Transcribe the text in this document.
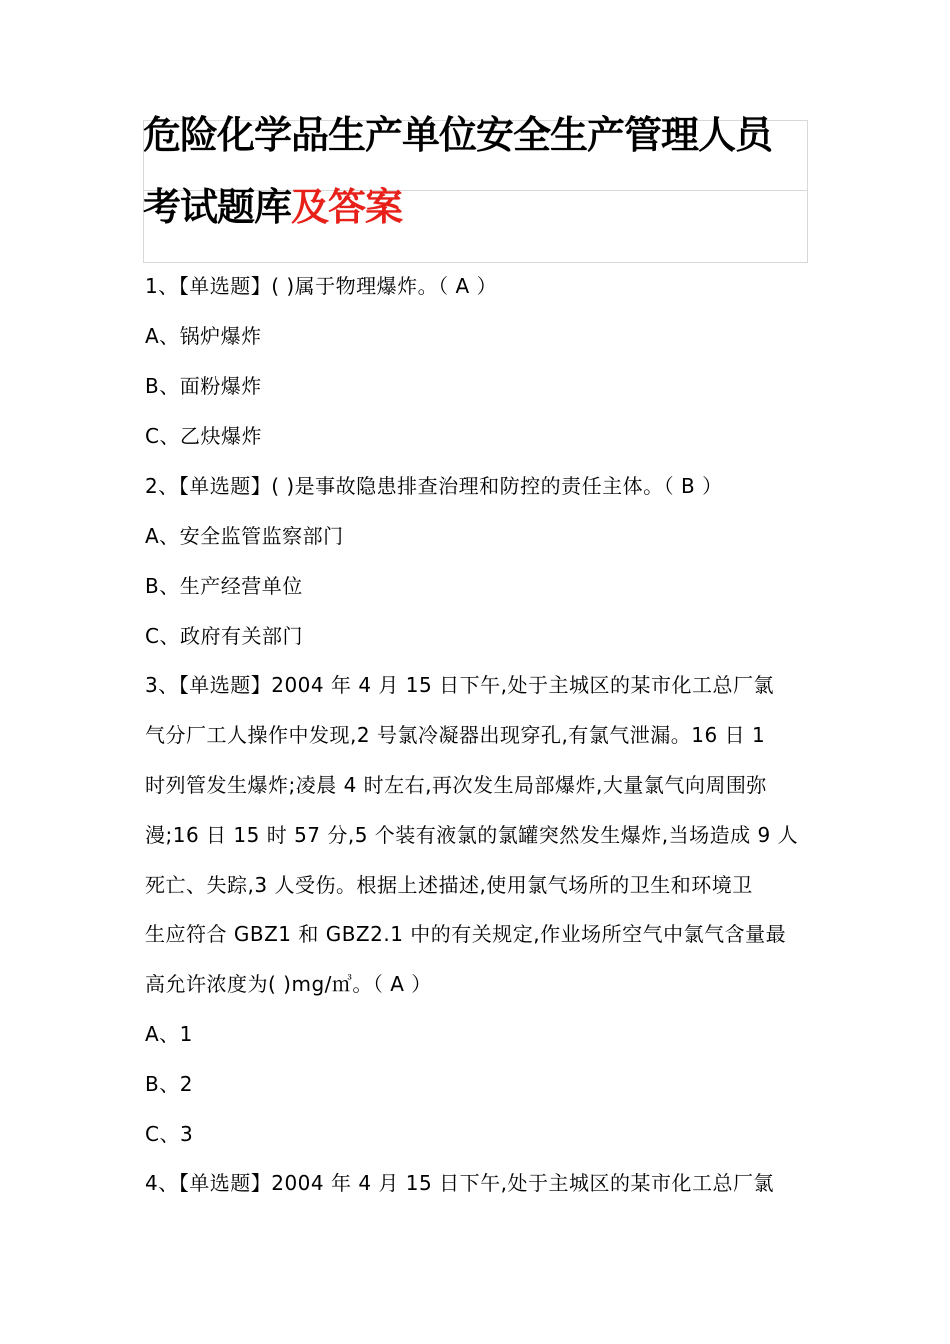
危险化学品生产单位安全生产管理人员
考试题库及答案

1、【单选题】( )属于物理爆炸。（ A ）

A、锅炉爆炸

B、面粉爆炸

C、乙炔爆炸

2、【单选题】( )是事故隐患排查治理和防控的责任主体。（ B ）

A、安全监管监察部门

B、生产经营单位

C、政府有关部门

3、【单选题】2004 年 4 月 15 日下午,处于主城区的某市化工总厂氯

气分厂工人操作中发现,2 号氯冷凝器出现穿孔,有氯气泄漏。16 日 1

时列管发生爆炸;凌晨 4 时左右,再次发生局部爆炸,大量氯气向周围弥

漫;16 日 15 时 57 分,5 个装有液氯的氯罐突然发生爆炸,当场造成 9 人

死亡、失踪,3 人受伤。根据上述描述,使用氯气场所的卫生和环境卫

生应符合 GBZ1 和 GBZ2.1 中的有关规定,作业场所空气中氯气含量最

高允许浓度为( )mg/㎥。（ A ）

A、1

B、2

C、3

4、【单选题】2004 年 4 月 15 日下午,处于主城区的某市化工总厂氯
